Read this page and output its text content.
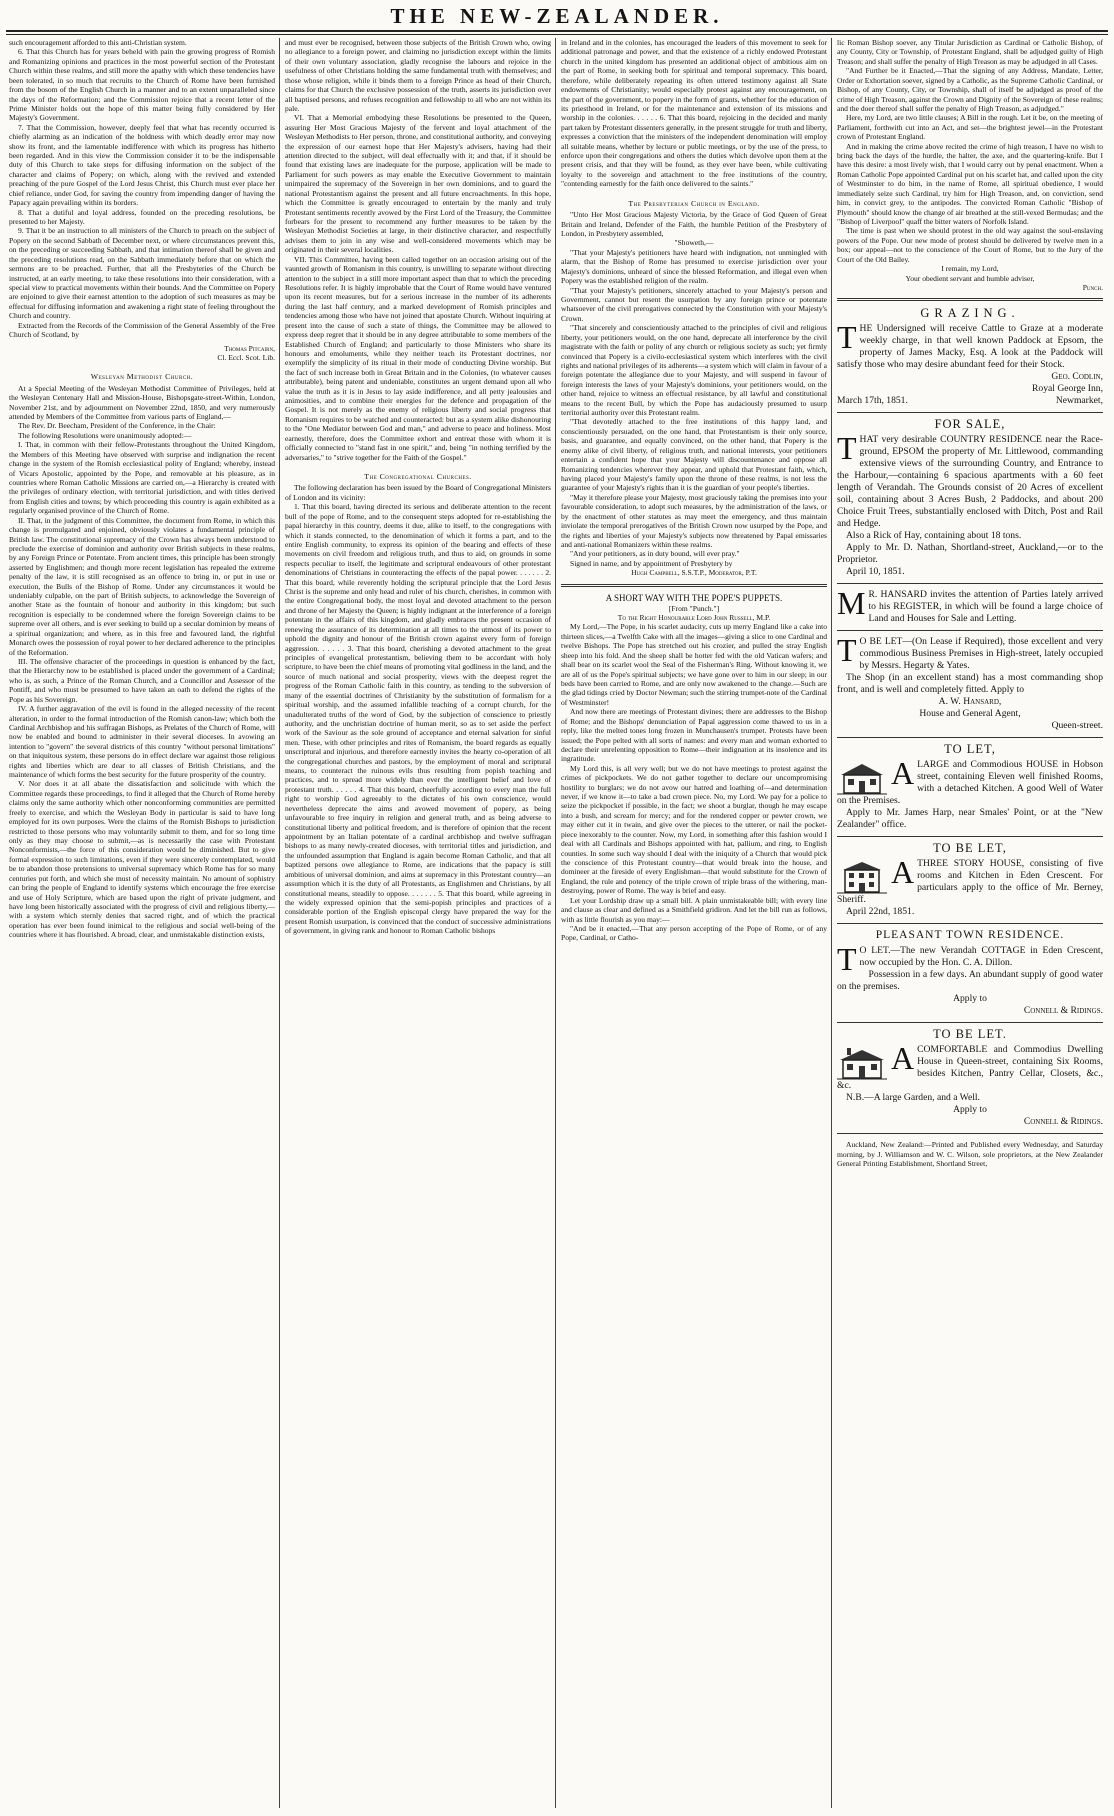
THE NEW-ZEALANDER.

such encouragement afforded to this anti-Christian system.

6. That this Church has for years beheld with pain the growing progress of Romish and Romanizing opinions and practices in the most powerful section of the Protestant Church within these realms, and still more the apathy with which these tendencies have been tolerated, in so much that recruits to the Church of Rome have been furnished from the bosom of the English Church in a manner and to an extent unparalleled since the days of the Reformation; and the Commission rejoice that a recent letter of the Prime Minister holds out the hope of this matter being fully considered by Her Majesty's Government.

7. That the Commission, however, deeply feel that what has recently occurred is chiefly alarming as an indication of the boldness with which deadly error may now show its front, and the lamentable indifference with which its progress has hitherto been regarded. And in this view the Commission consider it to be the indispensable duty of this Church to take steps for diffusing information on the subject of the character and claims of Popery; on which, along with the revived and extended preaching of the pure Gospel of the Lord Jesus Christ, this Church must ever place her chief reliance, under God, for saving the country from impending danger of having the Papacy again prevailing within its borders.

8. That a dutiful and loyal address, founded on the preceding resolutions, be presented to her Majesty.

9. That it be an instruction to all ministers of the Church to preach on the subject of Popery on the second Sabbath of December next, or where circumstances prevent this, on the preceding or succeeding Sabbath, and that intimation thereof shall be given and the preceding resolutions read, on the Sabbath immediately before that on which the sermons are to be preached. Further, that all the Presbyteries of the Church be instructed, at an early meeting, to take these resolutions into their consideration, with a special view to practical movements within their bounds. And the Committee on Popery are enjoined to give their earnest attention to the adoption of such measures as may be effectual for diffusing information and awakening a right state of feeling throughout the Church and country.

Extracted from the Records of the Commission of the General Assembly of the Free Church of Scotland, by

Thomas Pitcairn,

Cl. Eccl. Scot. Lib.

Wesleyan Methodist Church.

At a Special Meeting of the Wesleyan Methodist Committee of Privileges, held at the Wesleyan Centenary Hall and Mission-House, Bishopsgate-street-Within, London, November 21st, and by adjournment on November 22nd, 1850, and very numerously attended by Members of the Committee from various parts of England,—

The Rev. Dr. Beecham, President of the Conference, in the Chair:

The following Resolutions were unanimously adopted:—

I. That, in common with their fellow-Protestants throughout the United Kingdom, the Members of this Meeting have observed with surprise and indignation the recent change in the system of the Romish ecclesiastical polity of England; whereby, instead of Vicars Apostolic, appointed by the Pope, and removable at his pleasure, as in countries where Roman Catholic Missions are carried on,—a Hierarchy is created with the privileges of ordinary election, with territorial jurisdiction, and with titles derived from English cities and towns; by which proceeding this country is again exhibited as a regularly organised province of the Church of Rome.

II. That, in the judgment of this Committee, the document from Rome, in which this change is promulgated and enjoined, obviously violates a fundamental principle of British law. The constitutional supremacy of the Crown has always been understood to preclude the exercise of dominion and authority over British subjects in these realms, by any Foreign Prince or Potentate. From ancient times, this principle has been strongly asserted by Englishmen; and though more recent legislation has repealed the extreme penalty of the law, it is still recognised as an offence to bring in, or put in use or execution, the Bulls of the Bishop of Rome. Under any circumstances it would be undeniably culpable, on the part of British subjects, to acknowledge the Sovereign of another State as the fountain of honour and authority in this kingdom; but such recognition is especially to be condemned where the foreign Sovereign claims to be supreme over all others, and is ever seeking to build up a secular dominion by means of a spiritual organization; and where, as in this free and favoured land, the rightful Monarch owes the possession of royal power to her declared adherence to the principles of the Reformation.

III. The offensive character of the proceedings in question is enhanced by the fact, that the Hierarchy now to be established is placed under the government of a Cardinal; who is, as such, a Prince of the Roman Church, and a Councillor and Assessor of the Pontiff, and who must be presumed to have taken an oath to defend the rights of the Pope as his Sovereign.

IV. A further aggravation of the evil is found in the alleged necessity of the recent alteration, in order to the formal introduction of the Romish canon-law; which both the Cardinal Archbishop and his suffragan Bishops, as Prelates of the Church of Rome, will now be enabled and bound to administer in their several dioceses. In avowing an intention to "govern" the several districts of this country "without personal limitations" on that iniquitous system, these persons do in effect declare war against those religious rights and liberties which are dear to all classes of British Christians, and the maintenance of which forms the best security for the future prosperity of the country.

V. Nor does it at all abate the dissatisfaction and solicitude with which the Committee regards these proceedings, to find it alleged that the Church of Rome hereby claims only the same authority which other nonconforming communities are permitted freely to exercise, and which the Wesleyan Body in particular is said to have long employed for its own purposes. Were the claims of the Romish Bishops to jurisdiction restricted to those persons who may voluntarily submit to them, and for so long time only as they may choose to submit,—as is necessarily the case with Protestant Nonconformists,—the force of this consideration would be diminished. But to give formal expression to such limitations, even if they were sincerely contemplated, would be to abandon those pretensions to universal supremacy which Rome has for so many centuries put forth, and which she must of necessity maintain. No amount of sophistry can bring the people of England to identify systems which encourage the free exercise and use of Holy Scripture, which are based upon the right of private judgment, and have long been historically associated with the progress of civil and religious liberty,—with a system which sternly denies that sacred right, and of which the practical operation has ever been found inimical to the religious and social well-being of the countries where it has flourished. A broad, clear, and unmistakable distinction exists,

and must ever be recognised, between those subjects of the British Crown who, owing no allegiance to a foreign power, and claiming no jurisdiction except within the limits of their own voluntary association, gladly recognise the labours and rejoice in the usefulness of other Christians holding the same fundamental truth with themselves; and those whose religion, while it binds them to a foreign Prince as head of their Church, claims for that Church the exclusive possession of the truth, asserts its jurisdiction over all baptised persons, and refuses recognition and fellowship to all who are not within its pale.

VI. That a Memorial embodying these Resolutions be presented to the Queen, assuring Her Most Gracious Majesty of the fervent and loyal attachment of the Wesleyan Methodists to Her person, throne, and constitutional authority, and conveying the expression of our earnest hope that Her Majesty's advisers, having had their attention directed to the subject, will deal effectually with it; and that, if it should be found that existing laws are inadequate for the purpose, application will be made to Parliament for such powers as may enable the Executive Government to maintain unimpaired the supremacy of the Sovereign in her own dominions, and to guard the national Protestantism against the present and all future encroachments. In this hope, which the Committee is greatly encouraged to entertain by the manly and truly Protestant sentiments recently avowed by the First Lord of the Treasury, the Committee forbears for the present to recommend any further measures to be taken by the Wesleyan Methodist Societies at large, in their distinctive character, and respectfully advises them to join in any wise and well-considered movements which may be originated in their several localities.

VII. This Committee, having been called together on an occasion arising out of the vaunted growth of Romanism in this country, is unwilling to separate without directing attention to the subject in a still more important aspect than that to which the preceding Resolutions refer. It is highly improbable that the Court of Rome would have ventured upon its recent measures, but for a serious increase in the number of its adherents during the last half century, and a marked development of Romish principles and tendencies among those who have not joined that apostate Church. Without inquiring at present into the cause of such a state of things, the Committee may be allowed to express deep regret that it should be in any degree attributable to some members of the Established Church of England; and particularly to those Ministers who share its honours and emoluments, while they neither teach its Protestant doctrines, nor exemplify the simplicity of its ritual in their mode of conducting Divine worship. But the fact of such increase both in Great Britain and in the Colonies, (to whatever causes attributable), being patent and undeniable, constitutes an urgent demand upon all who value the truth as it is in Jesus to lay aside indifference, and all petty jealousies and animosities, and to combine their energies for the defence and propagation of the Gospel. It is not merely as the enemy of religious liberty and social progress that Romanism requires to be watched and counteracted: but as a system alike dishonouring to the "One Mediator between God and man," and adverse to peace and holiness. Most earnestly, therefore, does the Committee exhort and entreat those with whom it is officially connected to "stand fast in one spirit," and, being "in nothing terrified by the adversaries," to "strive together for the Faith of the Gospel."

The Congregational Churches.

The following declaration has been issued by the Board of Congregational Ministers of London and its vicinity:

1. That this board, having directed its serious and deliberate attention to the recent bull of the pope of Rome, and to the consequent steps adopted for re-establishing the papal hierarchy in this country, deems it due, alike to itself, to the congregations with which it stands connected, to the denomination of which it forms a part, and to the entire English community, to express its opinion of the bearing and effects of these movements on civil freedom and religious truth, and thus to aid, on grounds in some respects peculiar to itself, the legitimate and scriptural endeavours of other protestant denominations of Christians in counteracting the effects of the papal power. . . . . . . 2. That this board, while reverently holding the scriptural principle that the Lord Jesus Christ is the supreme and only head and ruler of his church, cherishes, in common with the entire Congregational body, the most loyal and devoted attachment to the person and throne of her Majesty the Queen; is highly indignant at the interference of a foreign potentate in the affairs of this kingdom, and gladly embraces the present occasion of renewing the assurance of its determination at all times to the utmost of its power to uphold the dignity and honour of the British crown against every form of foreign aggression. . . . . . 3. That this board, cherishing a devoted attachment to the great principles of evangelical protestantism, believing them to be accordant with holy scripture, to have been the chief means of promoting vital godliness in the land, and the source of much national and social prosperity, views with the deepest regret the progress of the Roman Catholic faith in this country, as tending to the subversion of many of the essential doctrines of Christianity by the substitution of formalism for a spiritual worship, and the assumed infallible teaching of a corrupt church, for the unadulterated truths of the word of God, by the subjection of conscience to priestly authority, and the unchristian doctrine of human merit, so as to set aside the perfect work of the Saviour as the sole ground of acceptance and eternal salvation for sinful men. These, with other principles and rites of Romanism, the board regards as equally unscriptural and injurious, and therefore earnestly invites the hearty co-operation of all the congregational churches and pastors, by the employment of moral and scriptural means, to counteract the ruinous evils thus resulting from popish teaching and practices, and to spread more widely than ever the intelligent belief and love of protestant truth. . . . . . 4. That this board, cheerfully according to every man the full right to worship God agreeably to the dictates of his own conscience, would nevertheless deprecate the aims and avowed movement of popery, as being unfavourable to free inquiry in religion and general truth, and as being adverse to constitutional liberty and political freedom, and is therefore of opinion that the recent appointment by an Italian potentate of a cardinal archbishop and twelve suffragan bishops to as many newly-created dioceses, with territorial titles and jurisdiction, and the unfounded assumption that England is again become Roman Catholic, and that all baptized persons owe allegiance to Rome, are indications that the papacy is still ambitious of universal dominion, and aims at supremacy in this Protestant country—an assumption which it is the duty of all Protestants, as Englishmen and Christians, by all constitutional means, steadily to oppose. . . . . . . 5. That this board, while agreeing in the widely expressed opinion that the semi-popish principles and practices of a considerable portion of the English episcopal clergy have prepared the way for the present Romish usurpation, is convinced that the conduct of successive administrations of government, in giving rank and honour to Roman Catholic bishops

in Ireland and in the colonies, has encouraged the leaders of this movement to seek for additional patronage and power, and that the existence of a richly endowed Protestant church in the united kingdom has presented an additional object of ambitious aim on the part of Rome, in seeking both for spiritual and temporal supremacy. This board, therefore, while deliberately repeating its often uttered testimony against all State endowments of Christianity; would especially protest against any encouragement, on the part of the government, to popery in the form of grants, whether for the education of its priesthood in Ireland, or for the maintenance and extension of its missions and worship in the colonies. . . . . . 6. That this board, rejoicing in the decided and manly part taken by Protestant dissenters generally, in the present struggle for truth and liberty, expresses a conviction that the ministers of the independent denomination will employ all suitable means, whether by lecture or public meetings, or by the use of the press, to enforce upon their congregations and others the duties which devolve upon them at the present crisis, and that they will be found, as they ever have been, while cultivating loyalty to the sovereign and attachment to the free institutions of the country, "contending earnestly for the faith once delivered to the saints."

The Presbyterian Church in England.

"Unto Her Most Gracious Majesty Victoria, by the Grace of God Queen of Great Britain and Ireland, Defender of the Faith, the humble Petition of the Presbytery of London, in Presbytery assembled,

"Showeth,—

"That your Majesty's petitioners have heard with indignation, not unmingled with alarm, that the Bishop of Rome has presumed to exercise jurisdiction over your Majesty's dominions, unheard of since the blessed Reformation, and illegal even when Popery was the established religion of the realm.

"That your Majesty's petitioners, sincerely attached to your Majesty's person and Government, cannot but resent the usurpation by any foreign prince or potentate whatsoever of the civil prerogatives connected by the Constitution with your Majesty's Crown.

"That sincerely and conscientiously attached to the principles of civil and religious liberty, your petitioners would, on the one hand, deprecate all interference by the civil magistrate with the faith or polity of any church or religious society as such; yet firmly convinced that Popery is a civilo-ecclesiastical system which interferes with the civil rights and national privileges of its adherents—a system which will claim in favour of a foreign potentate the allegiance due to your Majesty, and will suspend in favour of foreign interests the laws of your Majesty's dominions, your petitioners would, on the other hand, rejoice to witness an effectual resistance, by all lawful and constitutional means to the recent Bull, by which the Pope has audaciously presumed to usurp territorial authority over this Protestant realm.

"That devotedly attached to the free institutions of this happy land, and conscientiously persuaded, on the one hand, that Protestantism is their only source, basis, and guarantee, and equally convinced, on the other hand, that Popery is the enemy alike of civil liberty, of religious truth, and national interests, your petitioners entertain a confident hope that your Majesty will discountenance and oppose all Romanizing tendencies wherever they appear, and uphold that Protestant faith, which, having placed your Majesty's family upon the throne of these realms, is not less the guarantee of your Majesty's rights than it is the guardian of your people's liberties.

"May it therefore please your Majesty, most graciously taking the premises into your favourable consideration, to adopt such measures, by the administration of the laws, or by the enactment of other statutes as may meet the emergency, and thus maintain inviolate the temporal prerogatives of the British Crown now usurped by the Pope, and the rights and liberties of your Majesty's subjects now threatened by Papal emissaries and anti-national Romanizers within these realms.

"And your petitioners, as in duty bound, will ever pray."

Signed in name, and by appointment of Presbytery by

Hugh Campbell, S.S.T.P., Moderator, P.T.

A SHORT WAY WITH THE POPE'S PUPPETS.
[From "Punch."]
To the Right Honourable Lord John Russell, M.P.

My Lord,—The Pope, in his scarlet audacity, cuts up merry England like a cake into thirteen slices,—a Twelfth Cake with all the images—giving a slice to one Cardinal and twelve Bishops. The Pope has stretched out his crozier, and pulled the stray English sheep into his fold. And the sheep shall be hotter fed with the old Vatican wafers; and shall bear on its scarlet wool the Seal of the Fisherman's Ring. Without knowing it, we are all of us the Pope's spiritual subjects; we have gone over to him in our sleep; in our beds have been carried to Rome, and are only now awakened to the change.—Such are the glad tidings cried by Doctor Newman; such the stirring trumpet-note of the Cardinal of Westminster!

And now there are meetings of Protestant divines; there are addresses to the Bishop of Rome; and the Bishops' denunciation of Papal aggression come thawed to us in a reply, like the melted tones long frozen in Munchausen's trumpet. Protests have been issued; the Pope pelted with all sorts of names: and every man and woman exhorted to declare their unrelenting opposition to Rome—their indignation at its insolence and its ingratitude.

My Lord this, is all very well; but we do not have meetings to protest against the crimes of pickpockets. We do not gather together to declare our uncompromising hostility to burglars; we do not avow our hatred and loathing of—and determination never, if we know it—to take a bad crown piece. No, my Lord. We pay for a police to seize the pickpocket if possible, in the fact; we shoot a burglar, though he may escape into a bush, and scream for mercy; and for the rendered copper or pewter crown, we may either cut it in twain, and give over the pieces to the utterer, or nail the pocket-piece inexorably to the counter. Now, my Lord, in something after this fashion would I deal with all Cardinals and Bishops appointed with hat, pallium, and ring, to English counties. In some such way should I deal with the iniquity of a Church that would pick the conscience of this Protestant country—that would break into the house, and domineer at the fireside of every Englishman—that would substitute for the Crown of England, the rule and potency of the triple crown of triple brass of the withering, man-destroying, power of Rome. The way is brief and easy.

Let your Lordship draw up a small bill. A plain unmistakeable bill; with every line and clause as clear and defined as a Smithfield gridiron. And let the bill run as follows, with as little flourish as you may:—

"And be it enacted,—That any person accepting of the Pope of Rome, or of any Pope, Cardinal, or Catho-

lic Roman Bishop soever, any Titular Jurisdiction as Cardinal or Catholic Bishop, of any County, City or Township, of Protestant England, shall be adjudged guilty of High Treason; and shall suffer the penalty of High Treason as may be adjudged in all Cases.

"And Further be it Enacted,—That the signing of any Address, Mandate, Letter, Order or Exhortation soever, signed by a Catholic, as the Supreme Catholic Cardinal, or Bishop, of any County, City, or Township, shall of itself be adjudged as proof of the crime of High Treason, against the Crown and Dignity of the Sovereign of these realms; and the doer thereof shall suffer the penalty of High Treason, as adjudged."

Here, my Lord, are two little clauses; A Bill in the rough. Let it be, on the meeting of Parliament, forthwith cut into an Act, and set—the brightest jewel—in the Protestant crown of Protestant England.

And in making the crime above recited the crime of high treason, I have no wish to bring back the days of the hurdle, the halter, the axe, and the quartering-knife. But I have this desire: a most lively wish, that I would carry out by penal enactment. When a Roman Catholic Pope appointed Cardinal put on his scarlet hat, and called upon the city of Westminster to do him, in the name of Rome, all spiritual obedience, I would immediately seize such Cardinal, try him for High Treason, and, on conviction, send him, in convict grey, to the antipodes. The convicted Roman Catholic "Bishop of Plymouth" should know the change of air breathed at the still-vexed Bermudas; and the "Bishop of Liverpool" quaff the bitter waters of Norfolk Island.

The time is past when we should protest in the old way against the soul-enslaving powers of the Pope. Our new mode of protest should be delivered by twelve men in a box; our appeal—not to the conscience of the Court of Rome, but to the Jury of the Court of the Old Bailey.

I remain, my Lord,

Your obedient servant and humble adviser,

Punch.

GRAZING.

THE Undersigned will receive Cattle to Graze at a moderate weekly charge, in that well known Paddock at Epsom, the property of James Macky, Esq. A look at the Paddock will satisfy those who may desire abundant feed for their Stock.

Geo. Codlin,

Royal George Inn,

March 17th, 1851.	Newmarket,

FOR SALE,

THAT very desirable COUNTRY RESIDENCE near the Race-ground, EPSOM the property of Mr. Littlewood, commanding extensive views of the surrounding Country, and Entrance to the Harbour,—containing 6 spacious apartments with a 60 feet length of Verandah. The Grounds consist of 20 Acres of excellent soil, containing about 3 Acres Bush, 2 Paddocks, and about 200 Choice Fruit Trees, substantially enclosed with Ditch, Post and Rail and Hedge.

Also a Rick of Hay, containing about 18 tons.

Apply to Mr. D. Nathan, Shortland-street, Auckland,—or to the Proprietor.

April 10, 1851.

M R. HANSARD invites the attention of Parties lately arrived to his REGISTER, in which will be found a large choice of Land and Houses for Sale and Letting.

T O BE LET—(On Lease if Required), those excellent and very commodious Business Premises in High-street, lately occupied by Messrs. Hegarty & Yates.

The Shop (in an excellent stand) has a most commanding shop front, and is well and completely fitted. Apply to

A. W. Hansard,

House and General Agent,

Queen-street.

TO LET,

ALARGE and Commodious HOUSE in Hobson street, containing Eleven well finished Rooms, with a detached Kitchen. A good Well of Water on the Premises.

Apply to Mr. James Harp, near Smales' Point, or at the "New Zealander" office.

TO BE LET,

ATHREE STORY HOUSE, consisting of five rooms and Kitchen in Eden Crescent. For particulars apply to the office of Mr. Berney, Sheriff.

April 22nd, 1851.

PLEASANT TOWN RESIDENCE.

T O LET.—The new Verandah COTTAGE in Eden Crescent, now occupied by the Hon. C. A. Dillon.

Possession in a few days. An abundant supply of good water on the premises.

Apply to

Connell & Ridings.

TO BE LET.

ACOMFORTABLE and Commodius Dwelling House in Queen-street, containing Six Rooms, besides Kitchen, Pantry Cellar, Closets, &c., &c.

N.B.—A large Garden, and a Well.

Apply to

Connell & Ridings.

Auckland, New Zealand:—Printed and Published every Wednesday, and Saturday morning, by J. Williamson and W. C. Wilson, sole proprietors, at the New Zealander General Printing Establishment, Shortland Street,
